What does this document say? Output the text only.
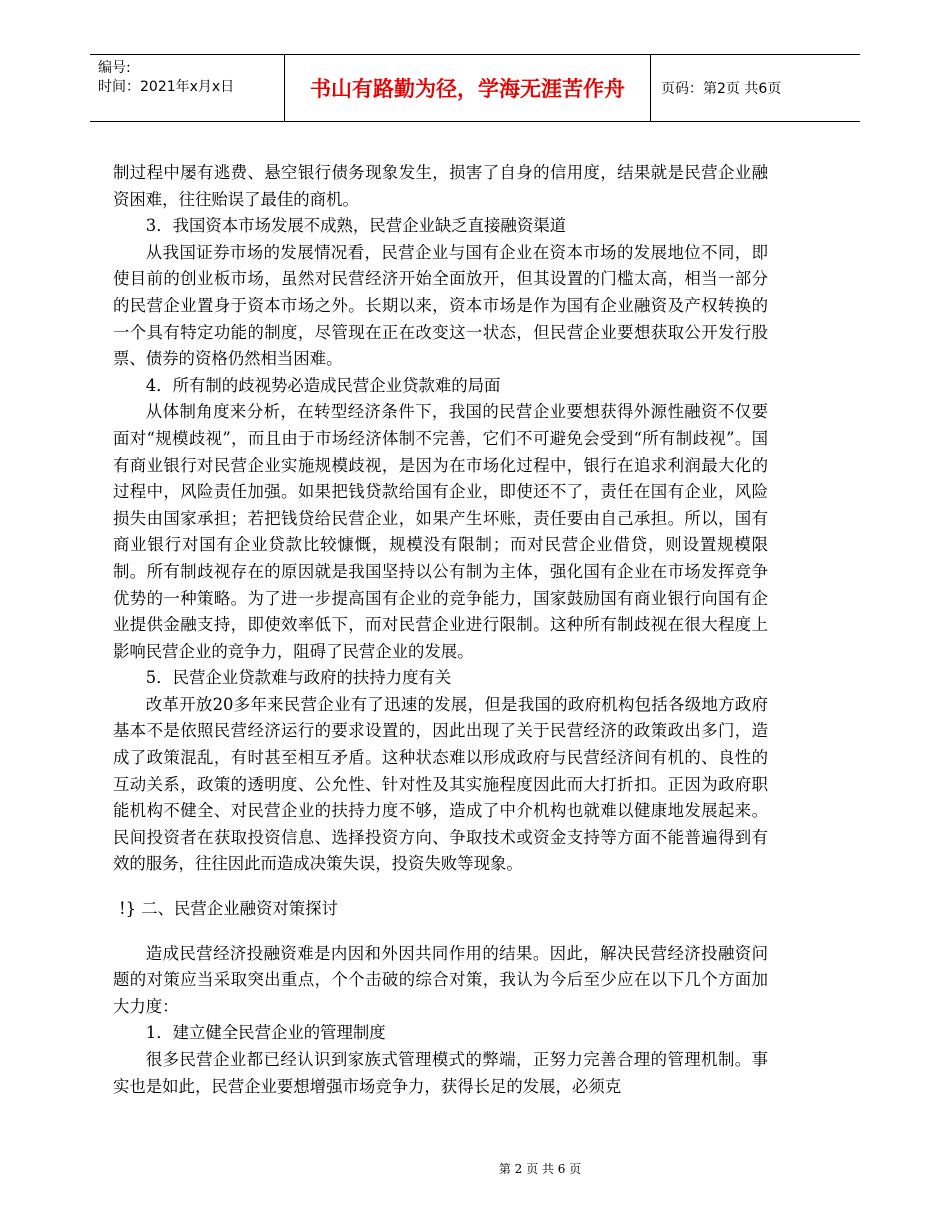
编号:
时间：2021年x月x日	书山有路勤为径，学海无涯苦作舟	页码：第2页 共6页

制过程中屡有逃费、悬空银行债务现象发生，损害了自身的信用度，结果就是民营企业融资困难，往往贻误了最佳的商机。

3．我国资本市场发展不成熟，民营企业缺乏直接融资渠道

从我国证券市场的发展情况看，民营企业与国有企业在资本市场的发展地位不同，即使目前的创业板市场，虽然对民营经济开始全面放开，但其设置的门槛太高，相当一部分的民营企业置身于资本市场之外。长期以来，资本市场是作为国有企业融资及产权转换的一个具有特定功能的制度，尽管现在正在改变这一状态，但民营企业要想获取公开发行股票、债券的资格仍然相当困难。

4．所有制的歧视势必造成民营企业贷款难的局面

从体制角度来分析，在转型经济条件下，我国的民营企业要想获得外源性融资不仅要面对“规模歧视”，而且由于市场经济体制不完善，它们不可避免会受到“所有制歧视”。国有商业银行对民营企业实施规模歧视，是因为在市场化过程中，银行在追求利润最大化的过程中，风险责任加强。如果把钱贷款给国有企业，即使还不了，责任在国有企业，风险损失由国家承担；若把钱贷给民营企业，如果产生坏账，责任要由自己承担。所以，国有商业银行对国有企业贷款比较慷慨，规模没有限制；而对民营企业借贷，则设置规模限制。所有制歧视存在的原因就是我国坚持以公有制为主体，强化国有企业在市场发挥竞争优势的一种策略。为了进一步提高国有企业的竞争能力，国家鼓励国有商业银行向国有企业提供金融支持，即使效率低下，而对民营企业进行限制。这种所有制歧视在很大程度上影响民营企业的竞争力，阻碍了民营企业的发展。

5．民营企业贷款难与政府的扶持力度有关

改革开放20多年来民营企业有了迅速的发展，但是我国的政府机构包括各级地方政府基本不是依照民营经济运行的要求设置的，因此出现了关于民营经济的政策政出多门，造成了政策混乱，有时甚至相互矛盾。这种状态难以形成政府与民营经济间有机的、良性的互动关系，政策的透明度、公允性、针对性及其实施程度因此而大打折扣。正因为政府职能机构不健全、对民营企业的扶持力度不够，造成了中介机构也就难以健康地发展起来。民间投资者在获取投资信息、选择投资方向、争取技术或资金支持等方面不能普遍得到有效的服务，往往因此而造成决策失误，投资失败等现象。

!} 二、民营企业融资对策探讨

造成民营经济投融资难是内因和外因共同作用的结果。因此，解决民营经济投融资问题的对策应当采取突出重点，个个击破的综合对策，我认为今后至少应在以下几个方面加大力度：

1．建立健全民营企业的管理制度

很多民营企业都已经认识到家族式管理模式的弊端，正努力完善合理的管理机制。事实也是如此，民营企业要想增强市场竞争力，获得长足的发展，必须克

第 2 页 共 6 页
